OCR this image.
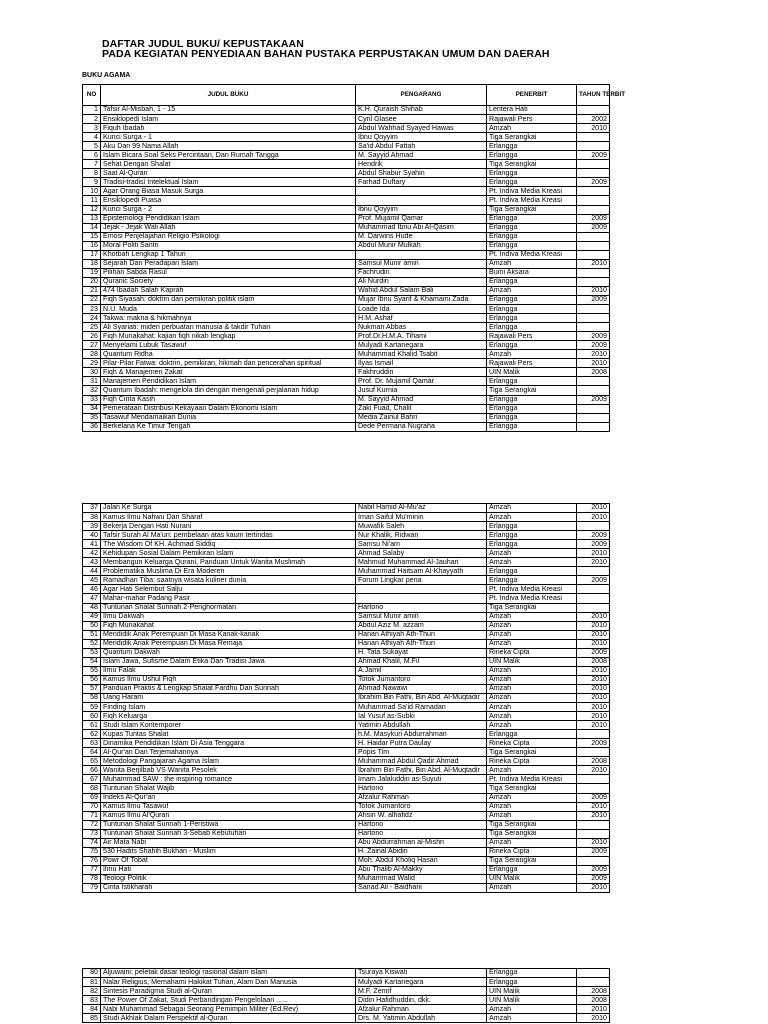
DAFTAR JUDUL BUKU/ KEPUSTAKAAN
PADA KEGIATAN PENYEDIAAN BAHAN PUSTAKA PERPUSTAKAN UMUM DAN DAERAH
BUKU AGAMA
NO	JUDUL BUKU	PENGARANG	PENERBIT	TAHUN TERBIT
1	Tafsir Al-Misbah, 1 - 15	K.H. Quraish Shihab	Lentera Hati	
2	Ensiklopedi Islam	Cyril Glasee	Rajawali Pers	2002
3	Fiquh Ibadah	Abdul Wahhad Syayed Hawas	Amzah	2010
4	Kunci Surga - 1	Ibnu Qoyyim	Tiga Serangkai	
5	Aku Dan 99 Nama Allah	Sa'id Abdul Fattah	Erlangga	
6	Islam Bicara Soal Seks Percintaan, Dan Rumah Tangga	M. Sayyid Ahmad	Erlangga	2009
7	Sehat Dengan Shalat	Hendrik	Tiga Serangkai	
8	Saat Al-Quran	Abdul Shabur Syahin	Erlangga	
9	Tradisi-tradisi Intelektual Islam	Farhad Duftary	Erlangga	2009
10	Agar Orang Biasa Masuk Surga		Pt. Indiva Media Kreasi	
11	Ensiklopedi Puasa		Pt. Indiva Media Kreasi	
12	Kunci Surga - 2	Ibnu Qoyyim	Tiga Serangkai	
13	Epistemologi Pendidikan Islam	Prof. Mujamil Qamar	Erlangga	2009
14	Jejak - Jejak Wali Allah	Muhammad Ibnu Abi Al-Qasim	Erlangga	2009
15	Emosi Penjelajahan Religio Psikologi	M. Darwins Hude	Erlangga	
16	Moral Politi Santri	Abdul Munir Mulkah	Erlangga	
17	Khotbah Lengkap 1 Tahun		Pt. Indiva Media Kreasi	
18	Sejarah Dan Peradapan Islam	Samsul Munir amin	Amzah	2010
19	Pilihan Sabda Rasul	Fachrudin	Bumi Aksara	
20	Quranic Society	Ali Nurdin	Erlangga	
21	474 Ibadah Salah Kaprah	Wahid Abdul Salam Bali	Amzah	2010
22	Fiqh Siyasah: doktrin dan pemikiran politik islam	Mujar Ibnu Syarif & Khamami Zada	Erlangga	2009
23	N.U. Muda	Loade Ida	Erlangga	
24	Takwa: makna & hikmahnya	H.M. Ashaf	Erlangga	
25	Ali Syariati: mideri perbuatan manusia & takdir Tuhan	Nukman Abbas	Erlangga	
26	Fiqh Munakahat: kajian fiqh nikah lengkap	Prof.Dr.H.M.A. Tihami	Rajawali Pers	2009
27	Menyelami Lubuk Tasawuf	Mulyadi Kartanegara	Erlangga	2009
28	Quantum Ridha	Muhammad Khalid Tsabit	Amzah	2010
29	Pilar-Pilar Fatwa: doktrin, pemikiran, hikmah dan pencerahan spiritual	Ilyas Ismail	Rajawali Pers	2010
30	Fiqh & Manajemen Zakat	Fakhruddin	UIN Malik	2008
31	Manajemen Pendidikan Islam	Prof. Dr. Mujamil Qamar	Erlangga	
32	Quantum Ibadah: mengelola diri dengan mengenali perjalanan hidup	Jusuf Kurnia	Tiga Serangkai	
33	Fiqh Cinta Kasih	M. Sayyid Ahmad	Erlangga	2009
34	Pemerataan Distribusi Kekayaan Dalam Ekonomi Islam	Zaki Fuad, Chalil	Erlangga	
35	Tasawuf Mendamaikan Dunia	Media Zainul Bahri	Erlangga	
36	Berkelana Ke Timur Tengah	Dede Permana Nugraha	Erlangga	
37	Jalan Ke Surga	Nabil Hamid Al-Mu'az	Amzah	2010
38	Kamus Ilmu Nahwu Dan Sharaf	Iman Saiful Mu'minin	Amzah	2010
39	Bekerja Dengan Hati Nurani	Muwafik Saleh	Erlangga	
40	Tafsir Surah Al Ma'un: pembelaan atas kaum tertindas	Nur Khalik, Ridwan	Erlangga	2009
41	The Wisdom Of KH. Achmad Siddiq	Samsu Ni'am	Erlangga	2009
42	Kehidupan Sosial Dalam Pemikiran Islam	Ahmad Salaby	Amzah	2010
43	Membangun Keluarga Qurani, Panduan Untuk Wanita Muslimah	Mahmud Muhammad Al-Jauhari	Amzah	2010
44	Problematika Muslima Di Era Moderen	Muhammad Haitsam Al-Khayyath	Erlangga	
45	Ramadhan Tiba: saatnya wisata kuliner dunia	Forum Lingkar pena	Erlangga	2009
46	Agar Hati Selembut Salju		Pt. Indiva Media Kreasi	
47	Mahar-mahar Padang Pasir		Pt. Indiva Media Kreasi	
48	Tuntunan Shalat Sunnah 2-Penghormatan	Hartono	Tiga Serangkai	
49	Ilmu Dakwah	Samsul Munir amin	Amzah	2010
50	Fiqh Munakahat	Abdul Aziz M. azzam	Amzah	2010
51	Mendidik Anak Perempuan Di Masa Kanak-kanak	Hanan Athiyah Ath-Thuri	Amzah	2010
52	Mendidik Anak Perempuan Di Masa Remaja	Hanan Athiyah Ath-Thuri	Amzah	2010
53	Quantum Dakwah	H. Tata Sukayat	Rineka Cipta	2009
54	Islam Jawa, Sufisme Dalam Etika Dan Tradisi Jawa	Ahmad Khalil, M.Fil	UIN Malik	2008
55	Ilmu Falak	A.Jamil	Amzah	2010
56	Kamus Ilmu Ushul Fiqh	Totok Jumantoro	Amzah	2010
57	Panduan Praktis & Lengkap Shalat Fardhu Dan Sunnah	Ahmad Nawawi	Amzah	2010
58	Uang Haram	Ibrahim Bin Fathi, Bin Abd. Al-Muqtadir	Amzah	2010
59	Finding Islam	Muhammad Sa'id Ramadan	Amzah	2010
60	Fiqh Keluarga	Ial Yusuf as-Subki	Amzah	2010
61	Studi Islam Kontemporer	Yatimin Abdullah	Amzah	2010
62	Kupas Tuntas Shalat	h.M. Masykuri Abdurrahman	Erlangga	
63	Dinamika Pendidikan Islam Di Asia Tenggara	H. Haidar Putra Daulay	Rineka Cipta	2009
64	Al-Qur'an Dan Terjemahannya	Popis Tim	Tiga Serangkai	
65	Metodologi Pangajaran Agama Islam	Muhammad Abdul Qadir Ahmad	Rineka Cipta	2008
66	Wanita Berjilbab VS Wanita Pesolek	Ibrahim Bin Fathi, Bin Abd. Al-Muqtadir	Amzah	2010
67	Muhammad SAW : the inspiring romance	Imam Jalaluddin as-Suyuti	Pt. Indiva Media Kreasi	
68	Tuntunan Shalat Wajib	Hartono	Tiga Serangkai	
69	Indeks Al-Qur'an	Afzalur Rahman	Amzah	2009
70	Kamus Ilmu Tasawuf	Totok Jumantoro	Amzah	2010
71	Kamus Ilmu Al'Quran	Ahsin W. alhafidz	Amzah	2010
72	Tuntunan Shalat Sunnah 1-Peristiwa	Hartono	Tiga Serangkai	
73	Tuntunan Shalat Sunnah 3-Sebab Kebutuhan	Hartono	Tiga Serangkai	
74	Air Mata Nabi	Abu Abdurrahman al-Mishri	Amzah	2010
75	530 Hadits Shahih Bukhari - Muslim	H. Zainal Abidin	Rineka Cipta	2009
76	Powr Of Tobat	Moh. Abdul Kholiq Hasan	Tiga Serangkai	
77	Ilmu Hati	Abu Thalib Al-Makky	Erlangga	2009
78	Teologi Politik	Muhammad Walid	UIN Malik	2009
79	Cinta Istikharah	Sanad Ali - Baidhani	Amzah	2010
80	Aljuwaini: peletak dasar teologi rasional dalam islam	Tsuraya Kiswati	Erlangga	
81	Nalar Religius, Memahami Hakikat Tuhan, Alam Dan Manusia	Mulyadi Kartanegara	Erlangga	
82	Sintesis Paradigma Studi al-Quran	M.F. Zenrif	UIN Malik	2008
83	The Power Of Zakat, Studi Perbandingan Pengelolaan ......	Didin Hafidhuddin, dkk.	UIN Malik	2008
84	Nabi Muhammad Sebagai Seorang Pemimpin Militer (Ed.Rev)	Afzalur Rahman	Amzah	2010
85	Studi Akhlak Dalam Perspektif al-Quran	Drs. M. Yatimin Abdullah	Amzah	2010
